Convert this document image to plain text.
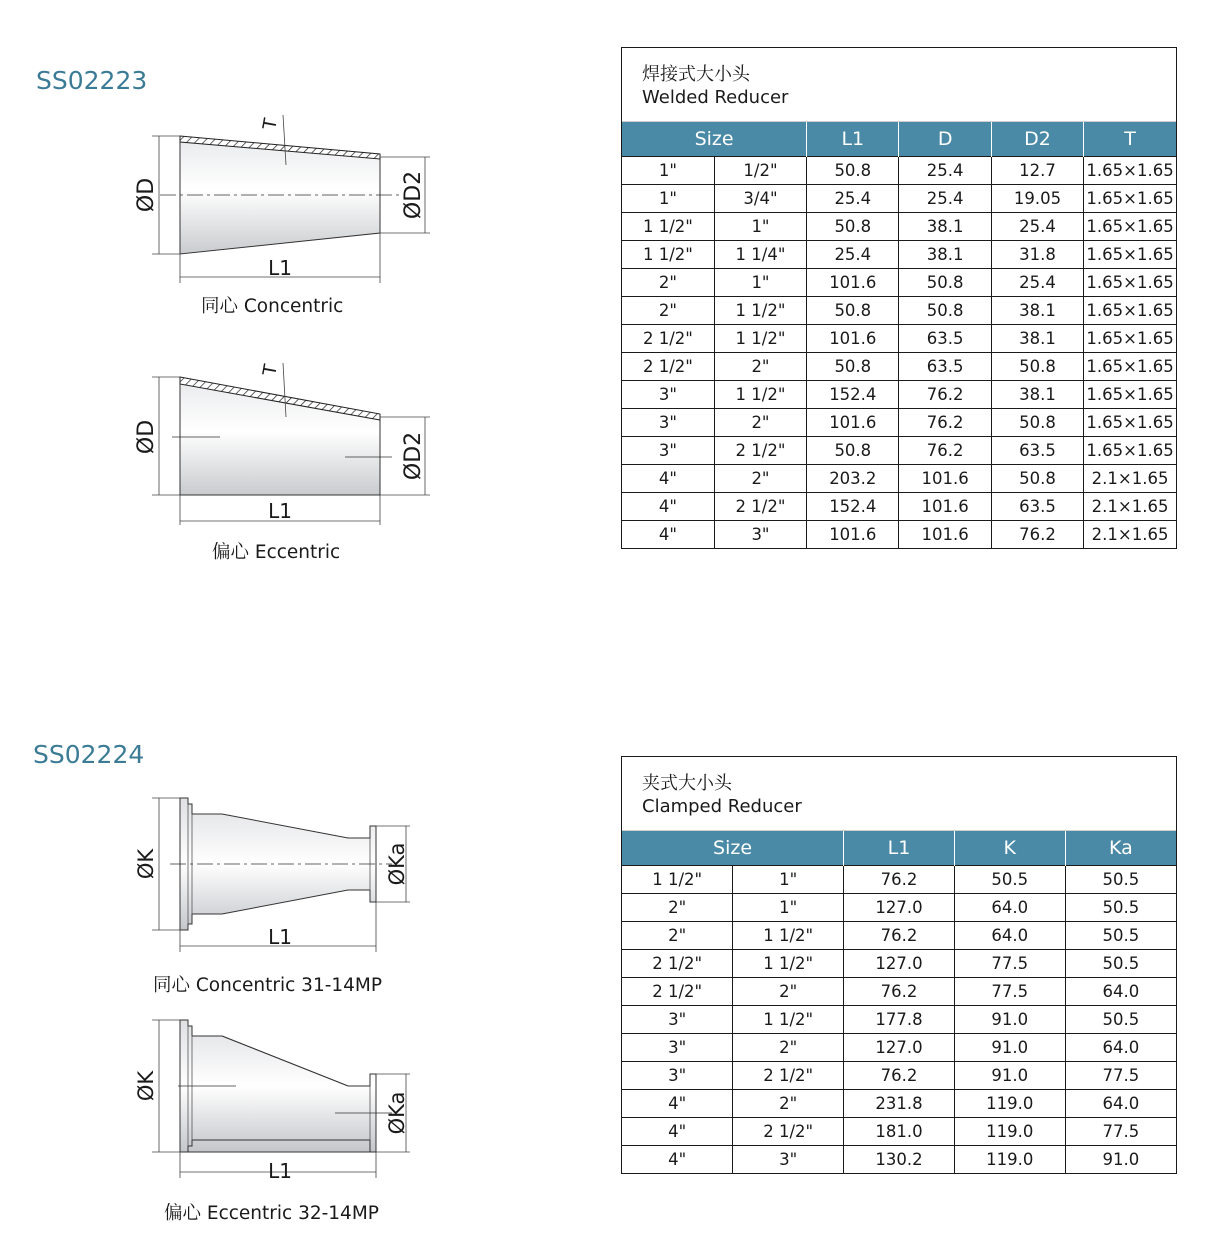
SS02223
ØD	ØD2
L1
T
同心 Concentric
ØD	ØD2
L1
T
偏心 Eccentric
焊接式大小头
Welded Reducer
Size		L1	D	D2	T
1"	1/2"	50.8	25.4	12.7	1.65×1.65
1"	3/4"	25.4	25.4	19.05	1.65×1.65
1 1/2"	1"	50.8	38.1	25.4	1.65×1.65
1 1/2"	1 1/4"	25.4	38.1	31.8	1.65×1.65
2"	1"	101.6	50.8	25.4	1.65×1.65
2"	1 1/2"	50.8	50.8	38.1	1.65×1.65
2 1/2"	1 1/2"	101.6	63.5	38.1	1.65×1.65
2 1/2"	2"	50.8	63.5	50.8	1.65×1.65
3"	1 1/2"	152.4	76.2	38.1	1.65×1.65
3"	2"	101.6	76.2	50.8	1.65×1.65
3"	2 1/2"	50.8	76.2	63.5	1.65×1.65
4"	2"	203.2	101.6	50.8	2.1×1.65
4"	2 1/2"	152.4	101.6	63.5	2.1×1.65
4"	3"	101.6	101.6	76.2	2.1×1.65
SS02224
ØK	ØKa
L1
同心 Concentric 31-14MP
ØK
ØKa
L1
偏心 Eccentric 32-14MP
夹式大小头
Clamped Reducer
Size		L1	K	Ka
1 1/2"	1"	76.2	50.5	50.5
2"	1"	127.0	64.0	50.5
2"	1 1/2"	76.2	64.0	50.5
2 1/2"	1 1/2"	127.0	77.5	50.5
2 1/2"	2"	76.2	77.5	64.0
3"	1 1/2"	177.8	91.0	50.5
3"	2"	127.0	91.0	64.0
3"	2 1/2"	76.2	91.0	77.5
4"	2"	231.8	119.0	64.0
4"	2 1/2"	181.0	119.0	77.5
4"	3"	130.2	119.0	91.0
